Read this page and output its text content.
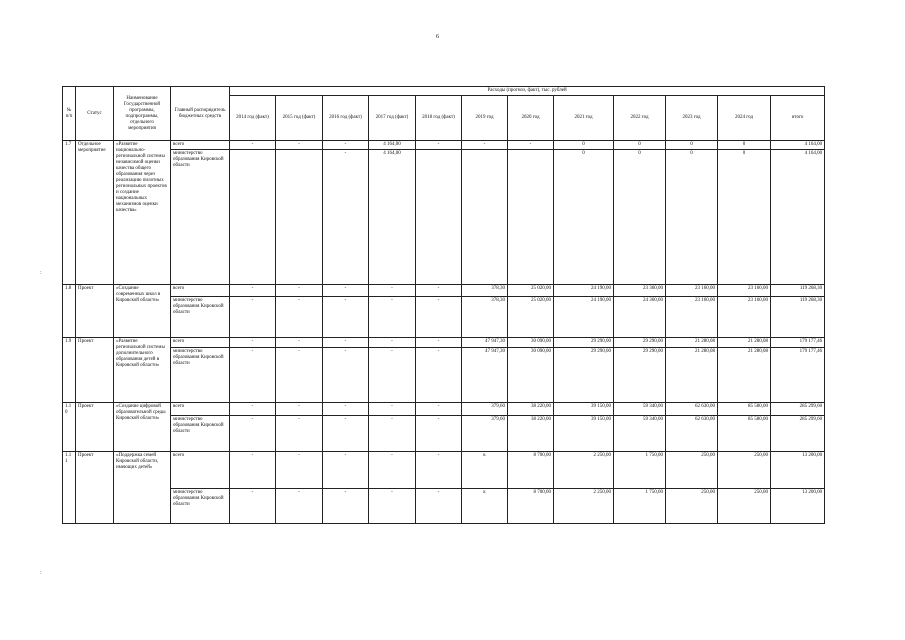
6
:
:
№ п/п	Статус	Наименование Государственной программы, подпрограммы, отдельного мероприятия	Главный распорядитель бюджетных средств	Расходы (прогноз, факт), тыс. рублей											
				2014 год (факт)	2015 год (факт)	2016 год (факт)	2017 год (факт)	2018 год (факт)	2019 год	2020 год	2021 год	2022 год	2023 год	2024 год	итого
1.7	Отдельное мероприятие	«Развитие национально-региональной системы независимой оценки качества общего образования через реализацию пилотных региональных проектов и создание национальных механизмов оценки качества»	всего	-	-	-	4 164,00	-	-	-	0	0	0	0	4 164,00
			министерство образования Кировской области			-	4 164,00				0	0	0	0	4 164,00
1.8	Проект	«Создание современных школ в Кировской области»	всего	-	-	-	-	-	378,30	25 020,00	24 190,00	23 360,00	23 160,00	23 160,00	119 268,30
			министерство образования Кировской области	-	-	-	-	-	378,30	25 020,00	24 190,00	24 360,00	23 160,00	23 160,00	119 268,30
1.9	Проект	«Развитие региональной системы дополнительного образования детей в Кировской области»	всего	-	-	-	-	-	47 947,30	30 090,00	29 290,00	29 290,00	21 280,08	21 280,08	179 177,46
			министерство образования Кировской области	-	-	-	-	-	47 947,30	30 090,00	29 290,00	29 290,00	21 280,08	21 280,08	179 177,46
1.10	Проект	«Создание цифровой образовательной среды Кировской области»	всего	-	-	-	-	-	379,60	38 220,00	39 150,00	59 340,00	62 630,00	85 580,00	285 299,60
			министерство образования Кировской области	-	-	-	-	-	379,60	38 220,00	39 150,00	59 340,00	62 630,00	85 580,00	285 299,60
1.11	Проект	«Поддержка семей Кировской области, имеющих детей»	всего	-	-	-	-	-	к	8 700,00	2 250,00	1 750,00	250,00	250,00	13 200,00
			министерство образования Кировской области	-	-	-	-	-	к	8 700,00	2 250,00	1 750,00	250,00	250,00	13 200,00
